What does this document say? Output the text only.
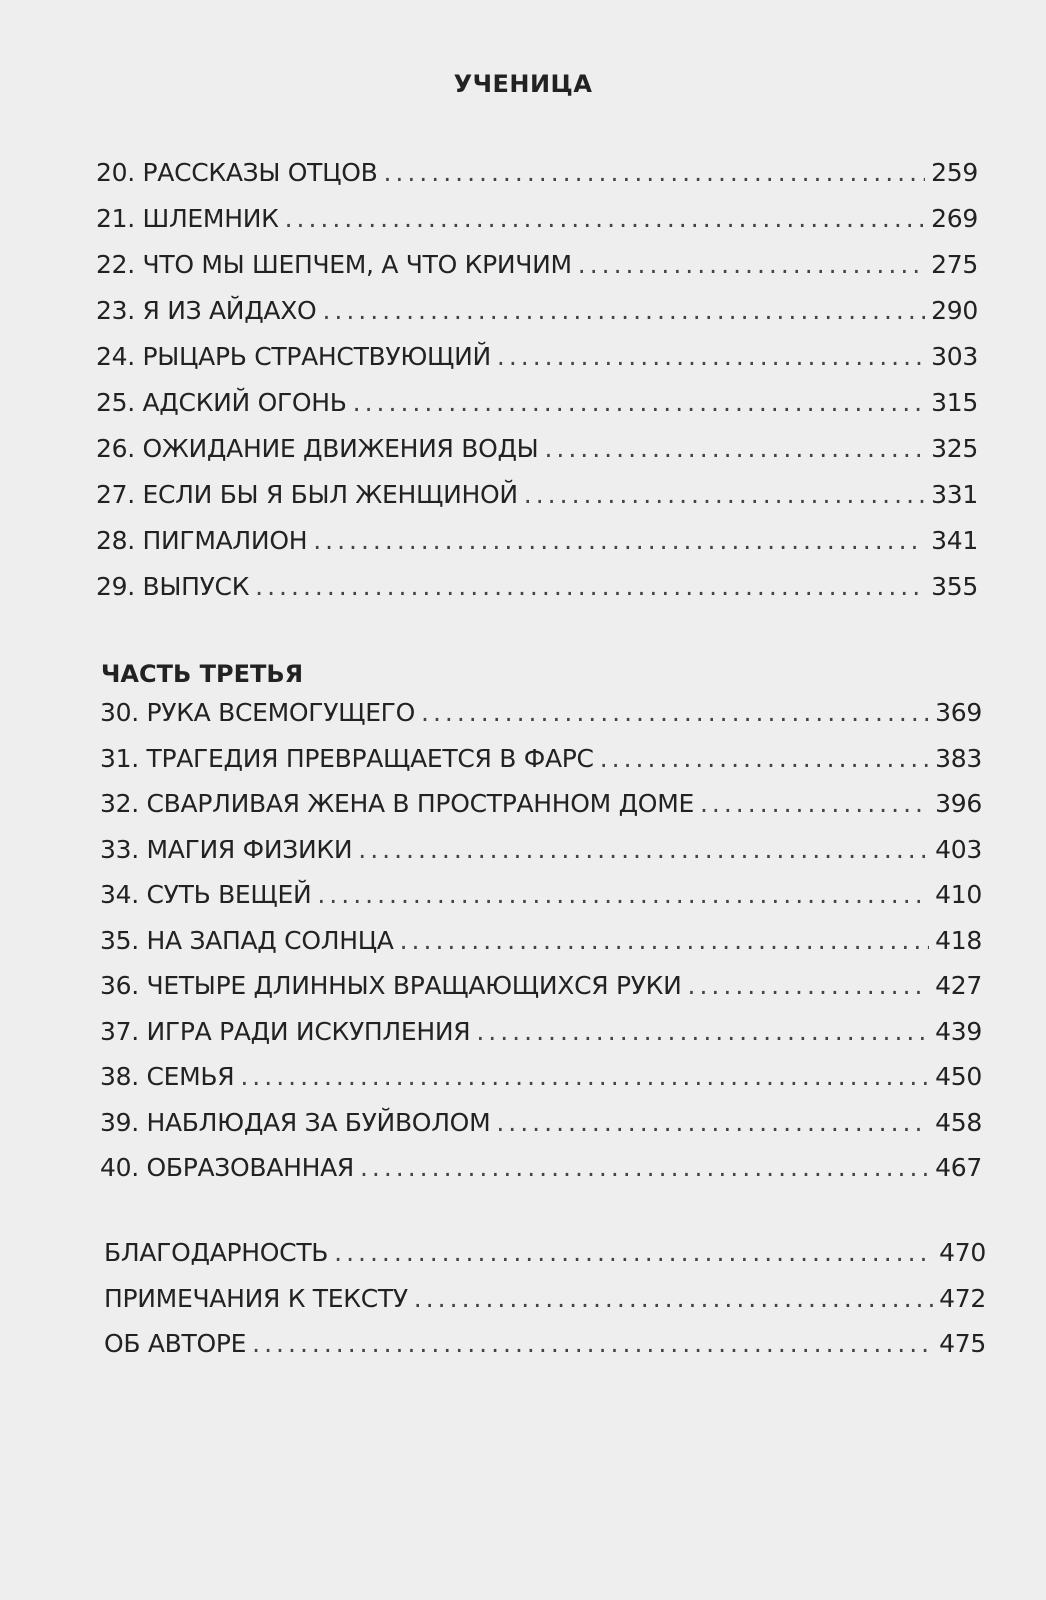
УЧЕНИЦА
20. РАССКАЗЫ ОТЦОВ .....	259
21. ШЛЕМНИК .....	269
22. ЧТО МЫ ШЕПЧЕМ, А ЧТО КРИЧИМ .....	275
23. Я ИЗ АЙДАХО .....	290
24. РЫЦАРЬ СТРАНСТВУЮЩИЙ .....	303
25. АДСКИЙ ОГОНЬ .....	315
26. ОЖИДАНИЕ ДВИЖЕНИЯ ВОДЫ .....	325
27. ЕСЛИ БЫ Я БЫЛ ЖЕНЩИНОЙ .....	331
28. ПИГМАЛИОН .....	341
29. ВЫПУСК .....	355
ЧАСТЬ ТРЕТЬЯ
30. РУКА ВСЕМОГУЩЕГО .....	369
31. ТРАГЕДИЯ ПРЕВРАЩАЕТСЯ В ФАРС .....	383
32. СВАРЛИВАЯ ЖЕНА В ПРОСТРАННОМ ДОМЕ .....	396
33. МАГИЯ ФИЗИКИ .....	403
34. СУТЬ ВЕЩЕЙ .....	410
35. НА ЗАПАД СОЛНЦА .....	418
36. ЧЕТЫРЕ ДЛИННЫХ ВРАЩАЮЩИХСЯ РУКИ .....	427
37. ИГРА РАДИ ИСКУПЛЕНИЯ .....	439
38. СЕМЬЯ .....	450
39. НАБЛЮДАЯ ЗА БУЙВОЛОМ .....	458
40. ОБРАЗОВАННАЯ .....	467
БЛАГОДАРНОСТЬ .....	470
ПРИМЕЧАНИЯ К ТЕКСТУ .....	472
ОБ АВТОРЕ .....	475
